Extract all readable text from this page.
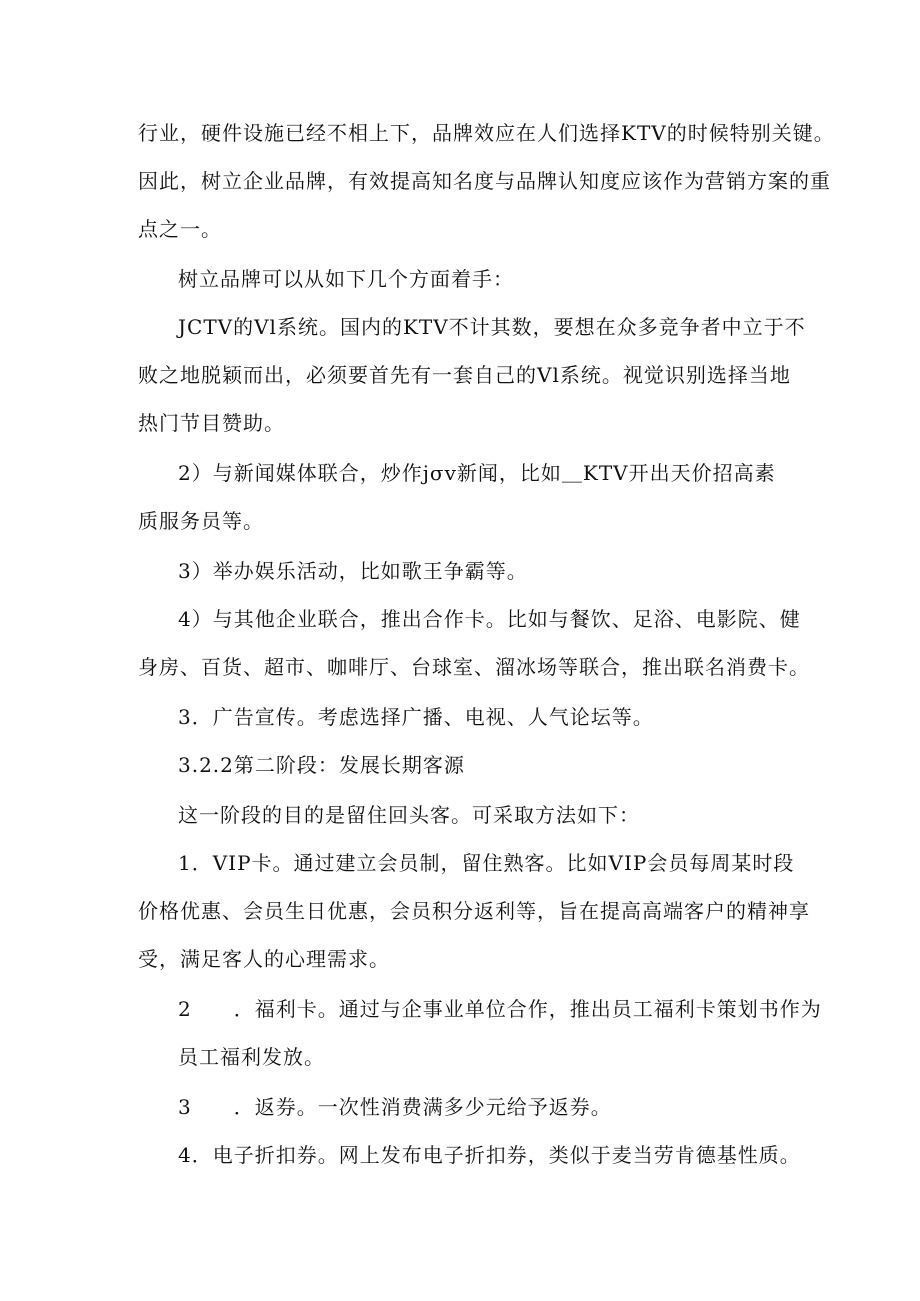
行业，硬件设施已经不相上下，品牌效应在人们选择KTV的时候特别关键。
因此，树立企业品牌，有效提高知名度与品牌认知度应该作为营销方案的重
点之一。
树立品牌可以从如下几个方面着手：
JCTV的Vl系统。国内的KTV不计其数，要想在众多竞争者中立于不
败之地脱颖而出，必须要首先有一套自己的Vl系统。视觉识别选择当地
热门节目赞助。
2）与新闻媒体联合，炒作jσv新闻，比如＿KTV开出天价招高素
质服务员等。
3）举办娱乐活动，比如歌王争霸等。
4）与其他企业联合，推出合作卡。比如与餐饮、足浴、电影院、健
身房、百货、超市、咖啡厅、台球室、溜冰场等联合，推出联名消费卡。
3．广告宣传。考虑选择广播、电视、人气论坛等。
3.2.2第二阶段：发展长期客源
这一阶段的目的是留住回头客。可采取方法如下：
1．VIP卡。通过建立会员制，留住熟客。比如VIP会员每周某时段
价格优惠、会员生日优惠，会员积分返利等，旨在提高高端客户的精神享
受，满足客人的心理需求。
2　　．福利卡。通过与企事业单位合作，推出员工福利卡策划书作为
员工福利发放。
3　　．返券。一次性消费满多少元给予返券。
4．电子折扣券。网上发布电子折扣券，类似于麦当劳肯德基性质。
